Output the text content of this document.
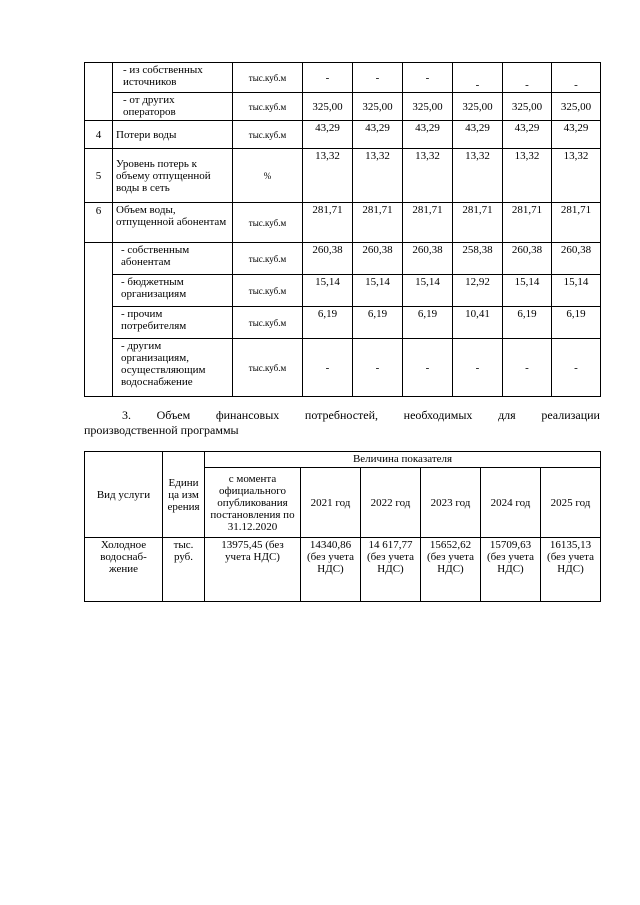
	- из собственных источников	тыс.куб.м	-	-	-	-	-	-
	- от других операторов	тыс.куб.м	325,00	325,00	325,00	325,00	325,00	325,00
4	Потери воды	тыс.куб.м	43,29	43,29	43,29	43,29	43,29	43,29
5	Уровень потерь к объему отпущенной воды в сеть	%	13,32	13,32	13,32	13,32	13,32	13,32
6	Объем воды, отпущенной абонентам	тыс.куб.м	281,71	281,71	281,71	281,71	281,71	281,71
	- собственным абонентам	тыс.куб.м	260,38	260,38	260,38	258,38	260,38	260,38
	- бюджетным организациям	тыс.куб.м	15,14	15,14	15,14	12,92	15,14	15,14
	- прочим потребителям	тыс.куб.м	6,19	6,19	6,19	10,41	6,19	6,19
	- другим организациям, осуществляющим водоснабжение	тыс.куб.м	-	-	-	-	-	-
3. Объем финансовых потребностей, необходимых для реализации
производственной программы
Вид услуги	Единица измерения	Величина показателя					
		с момента официального опубликования постановления по 31.12.2020	2021 год	2022 год	2023 год	2024 год	2025 год
Холодное водоснаб-жение	тыс. руб.	13975,45 (без учета НДС)	14340,86 (без учета НДС)	14 617,77 (без учета НДС)	15652,62 (без учета НДС)	15709,63 (без учета НДС)	16135,13 (без учета НДС)
